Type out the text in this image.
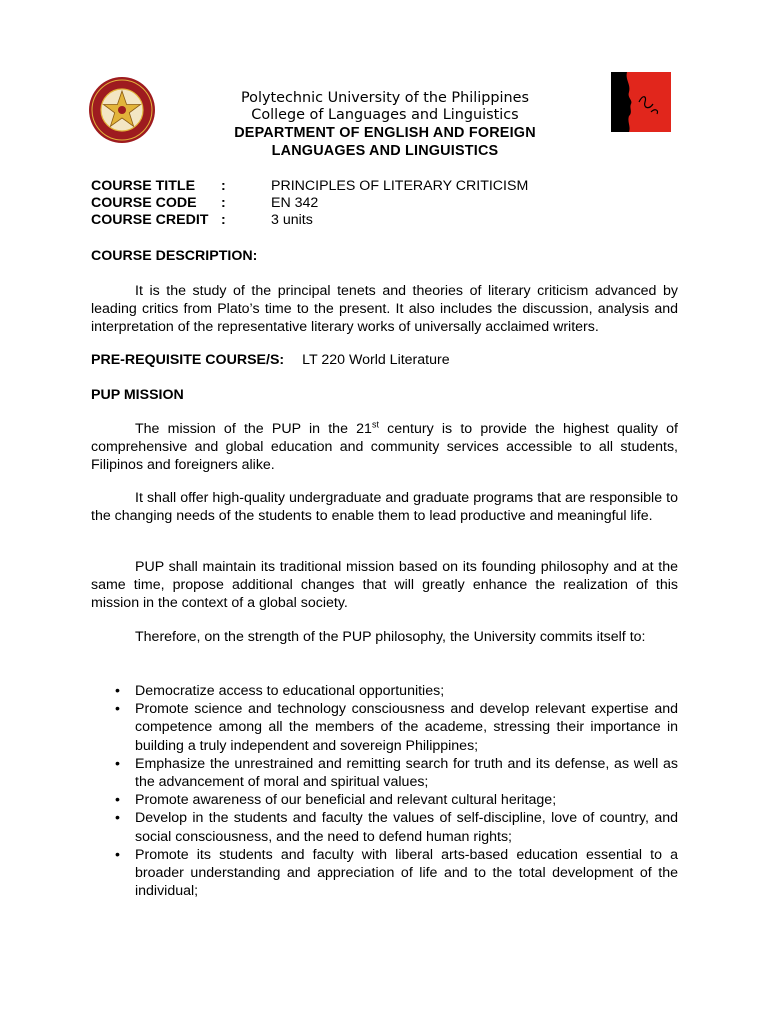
Polytechnic University of the Philippines
College of Languages and Linguistics
DEPARTMENT OF ENGLISH AND FOREIGN
LANGUAGES AND LINGUISTICS
COURSE TITLE	:	PRINCIPLES OF LITERARY CRITICISM
COURSE CODE	:	EN 342
COURSE CREDIT :	3 units
COURSE DESCRIPTION:
It is the study of the principal tenets and theories of literary criticism advanced by leading critics from Plato’s time to the present. It also includes the discussion, analysis and interpretation of the representative literary works of universally acclaimed writers.
PRE-REQUISITE COURSE/S: LT 220 World Literature
PUP MISSION
The mission of the PUP in the 21st century is to provide the highest quality of comprehensive and global education and community services accessible to all students, Filipinos and foreigners alike.
It shall offer high-quality undergraduate and graduate programs that are responsible to the changing needs of the students to enable them to lead productive and meaningful life.
PUP shall maintain its traditional mission based on its founding philosophy and at the same time, propose additional changes that will greatly enhance the realization of this mission in the context of a global society.
Therefore, on the strength of the PUP philosophy, the University commits itself to:
•	Democratize access to educational opportunities;
•	Promote science and technology consciousness and develop relevant expertise and competence among all the members of the academe, stressing their importance in building a truly independent and sovereign Philippines;
•	Emphasize the unrestrained and remitting search for truth and its defense, as well as the advancement of moral and spiritual values;
•	Promote awareness of our beneficial and relevant cultural heritage;
•	Develop in the students and faculty the values of self-discipline, love of country, and social consciousness, and the need to defend human rights;
•	Promote its students and faculty with liberal arts-based education essential to a broader understanding and appreciation of life and to the total development of the individual;
